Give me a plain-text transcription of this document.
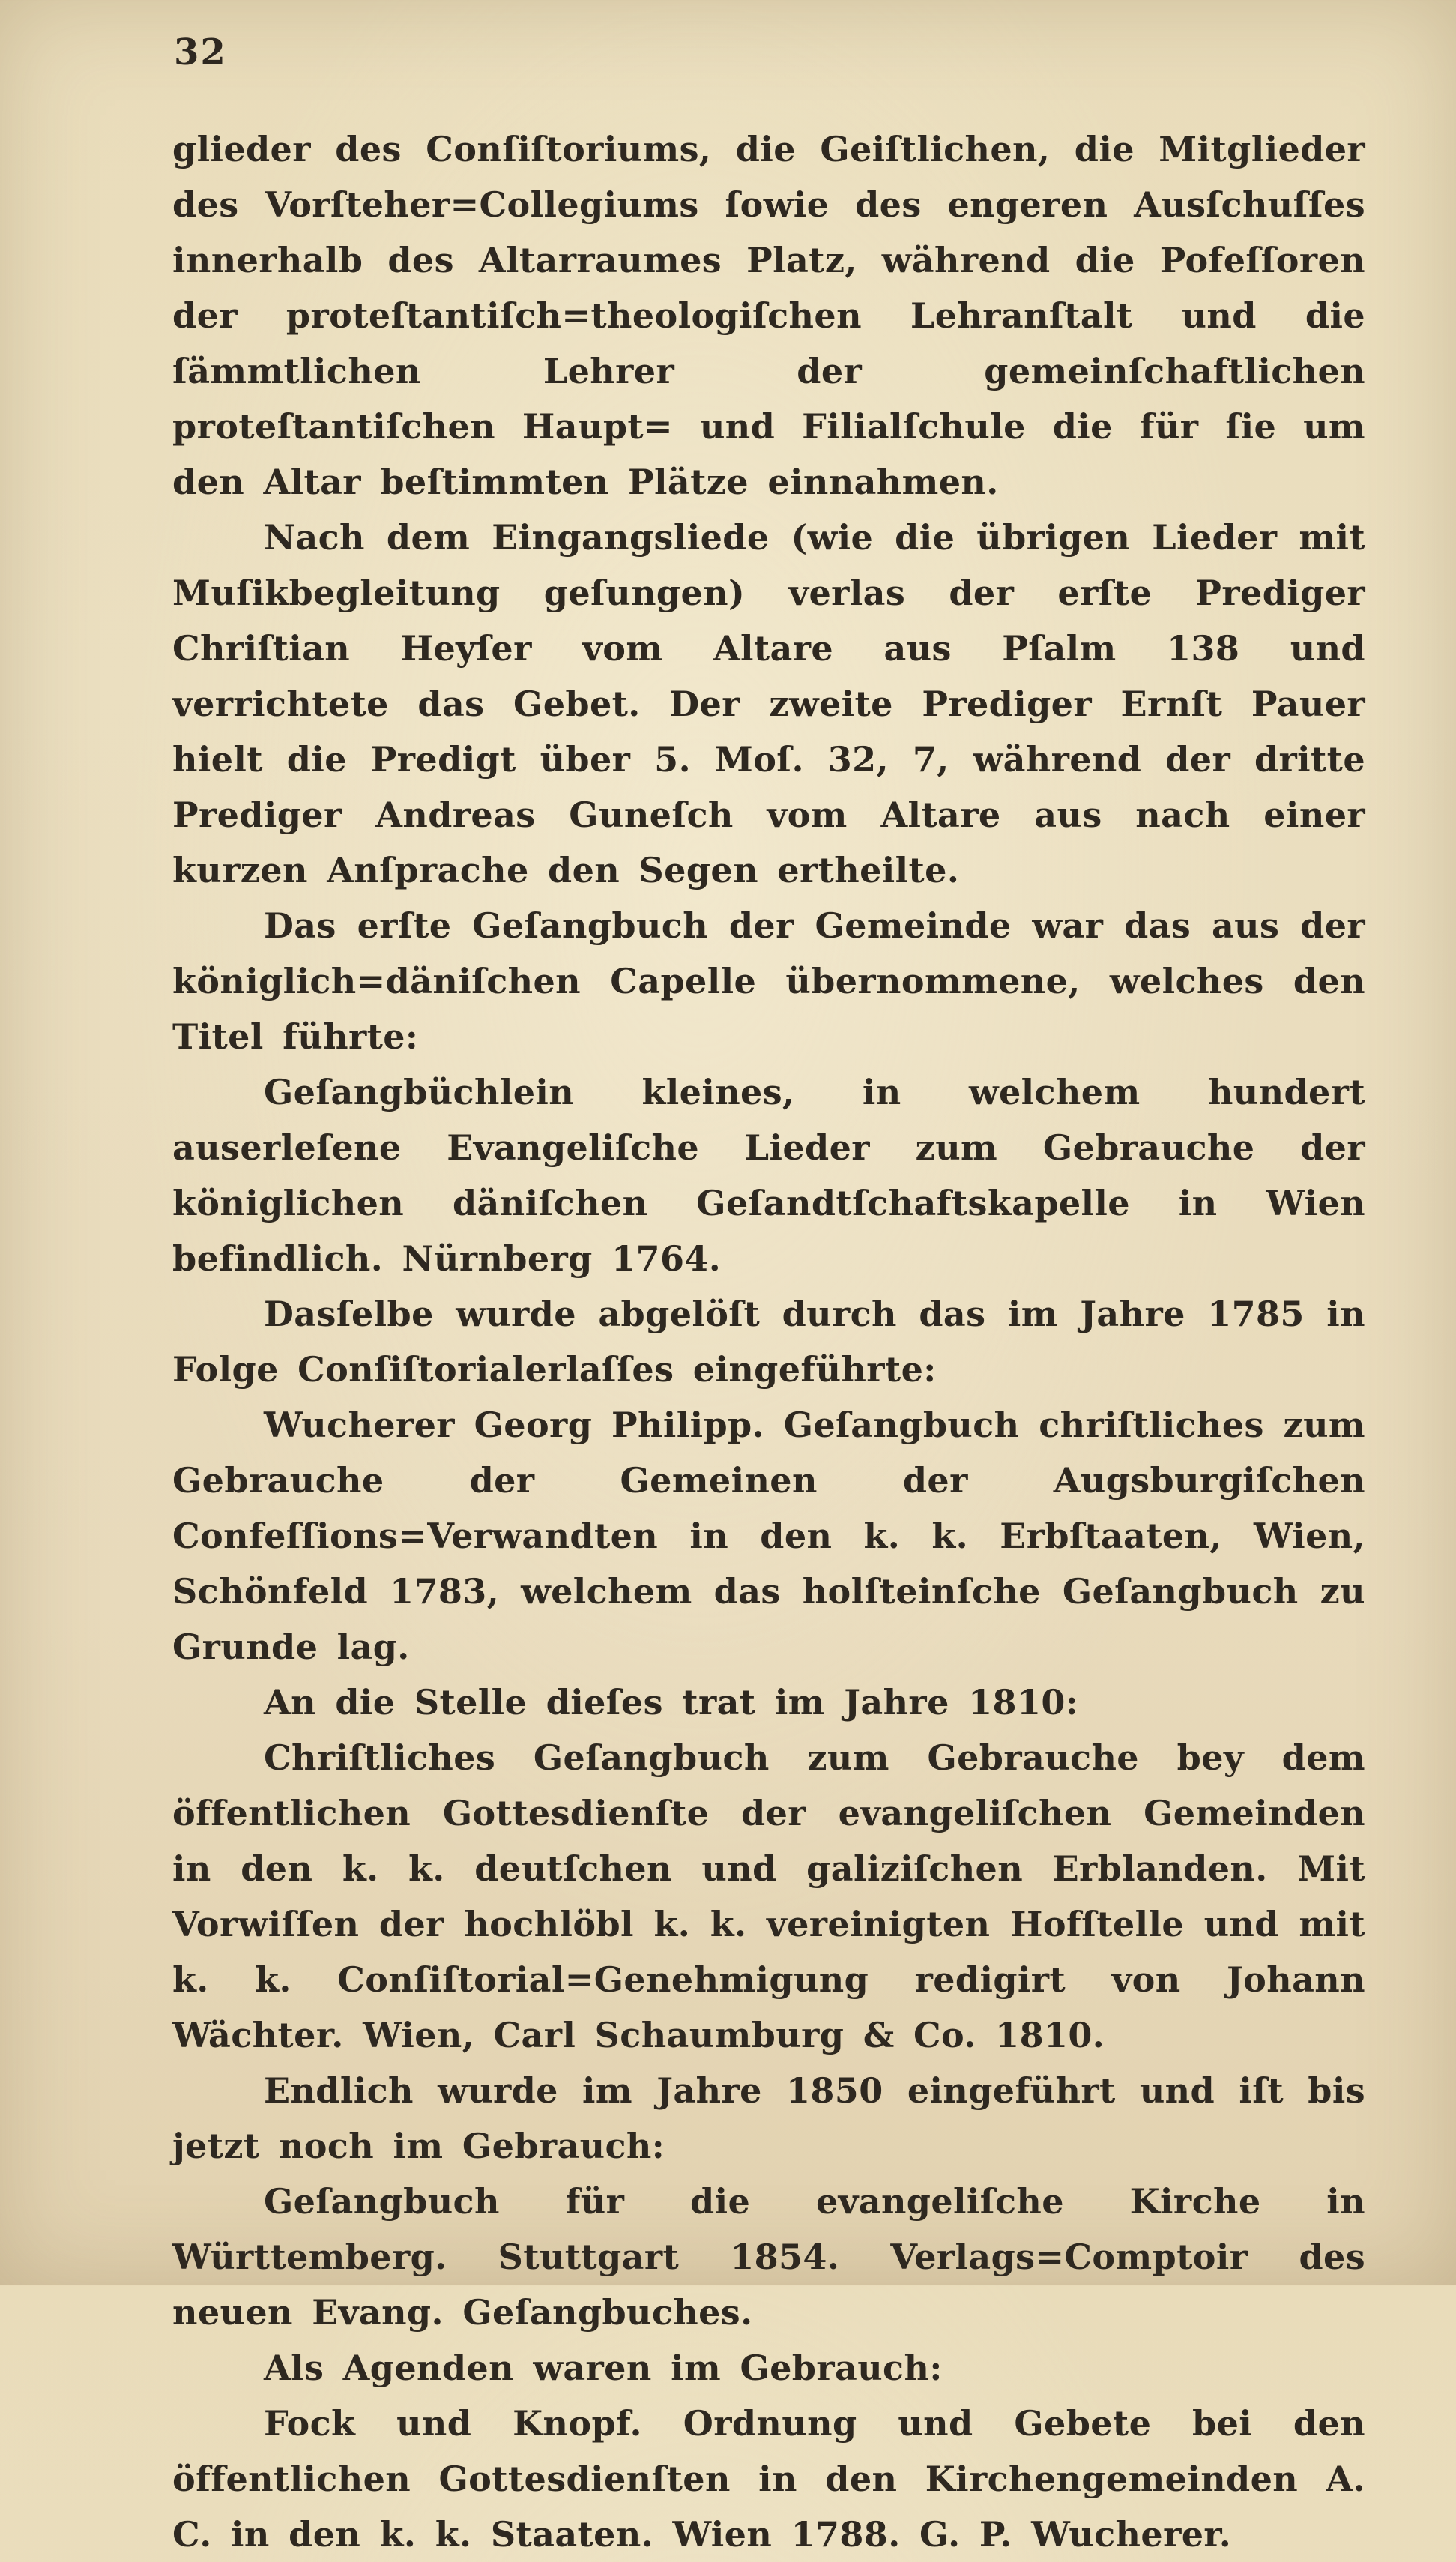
32

glieder des Conſiſtoriums, die Geiſtlichen, die Mitglieder des Vorſteher=Collegiums ſowie des engeren Ausſchuſſes innerhalb des Altarraumes Platz, während die Pofeſſoren der proteſtantiſch=theologiſchen Lehranſtalt und die ſämmtlichen Lehrer der gemeinſchaftlichen proteſtantiſchen Haupt= und Filialſchule die für ſie um den Altar beſtimmten Plätze einnahmen.

Nach dem Eingangsliede (wie die übrigen Lieder mit Muſikbegleitung geſungen) verlas der erſte Prediger Chriſtian Heyſer vom Altare aus Pſalm 138 und verrichtete das Gebet. Der zweite Prediger Ernſt Pauer hielt die Predigt über 5. Moſ. 32, 7, während der dritte Prediger Andreas Guneſch vom Altare aus nach einer kurzen Anſprache den Segen ertheilte.

Das erſte Geſangbuch der Gemeinde war das aus der königlich=däniſchen Capelle übernommene, welches den Titel führte:

Geſangbüchlein kleines, in welchem hundert auserleſene Evangeliſche Lieder zum Gebrauche der königlichen däniſchen Geſandtſchaftskapelle in Wien befindlich. Nürnberg 1764.

Dasſelbe wurde abgelöſt durch das im Jahre 1785 in Folge Conſiſtorialerlaſſes eingeführte:

Wucherer Georg Philipp. Geſangbuch chriſtliches zum Gebrauche der Gemeinen der Augsburgiſchen Confeſſions=Verwandten in den k. k. Erbſtaaten, Wien, Schönfeld 1783, welchem das holſteinſche Geſangbuch zu Grunde lag.

An die Stelle dieſes trat im Jahre 1810:

Chriſtliches Geſangbuch zum Gebrauche bey dem öffentlichen Gottesdienſte der evangeliſchen Gemeinden in den k. k. deutſchen und galiziſchen Erblanden. Mit Vorwiſſen der hochlöbl k. k. vereinigten Hofſtelle und mit k. k. Conſiſtorial=Genehmigung redigirt von Johann Wächter. Wien, Carl Schaumburg & Co. 1810.

Endlich wurde im Jahre 1850 eingeführt und iſt bis jetzt noch im Gebrauch:

Geſangbuch für die evangeliſche Kirche in Württemberg. Stuttgart 1854. Verlags=Comptoir des neuen Evang. Geſangbuches.

Als Agenden waren im Gebrauch:

Fock und Knopf. Ordnung und Gebete bei den öffentlichen Gottesdienſten in den Kirchengemeinden A. C. in den k. k. Staaten. Wien 1788. G. P. Wucherer.
